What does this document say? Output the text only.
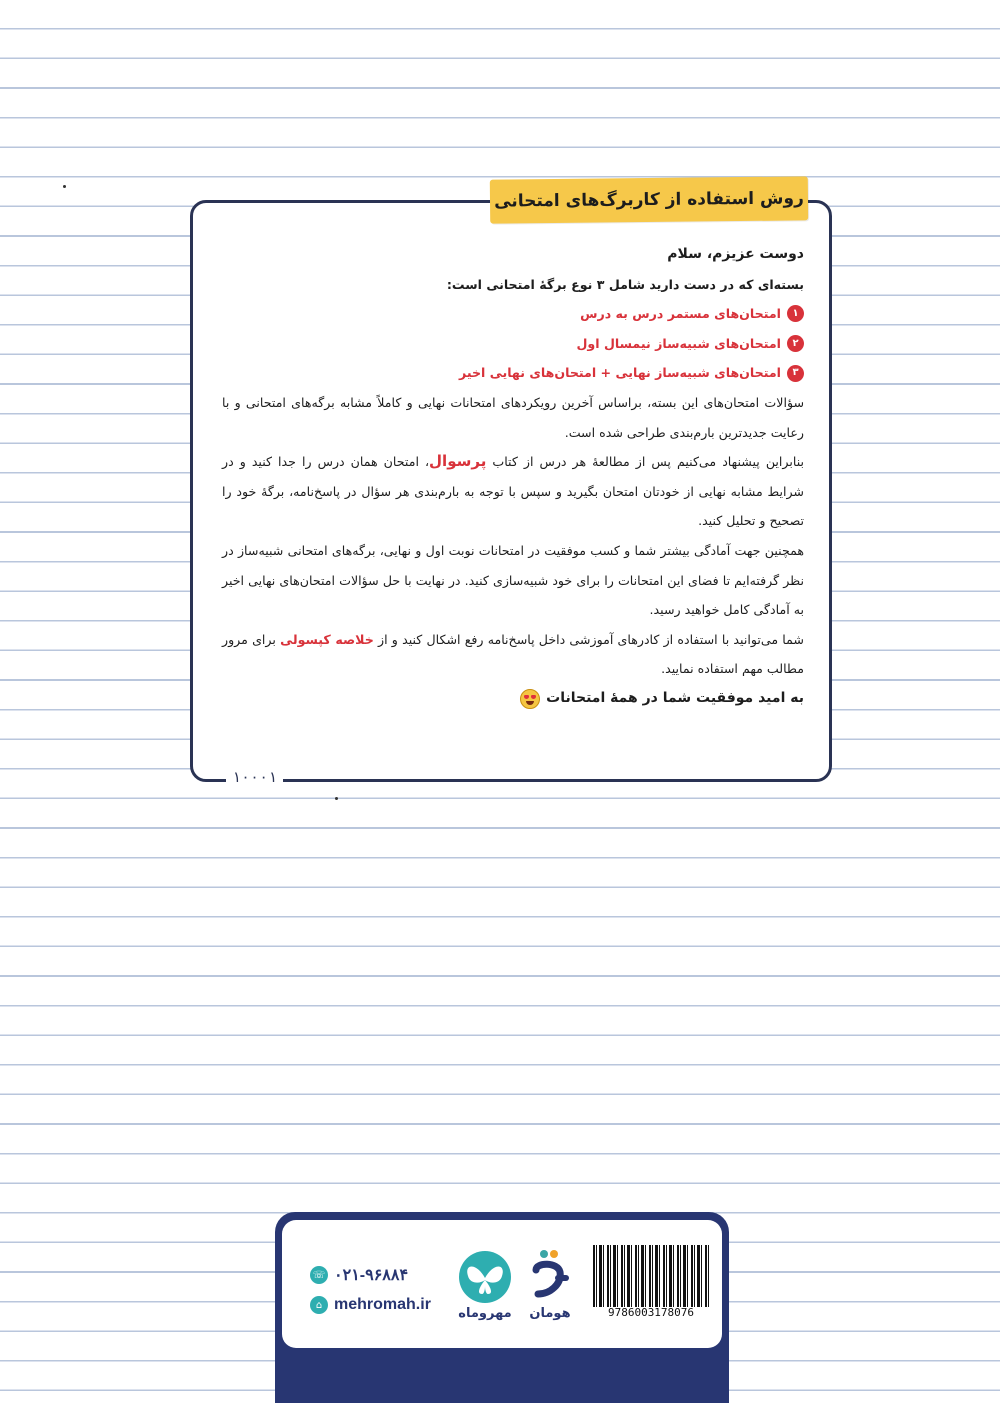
۱۰۰۰۱
روش استفاده از کاربرگ‌های امتحانی

دوست عزیزم، سلام

بسته‌ای که در دست دارید شامل ۳ نوع برگهٔ امتحانی است:

۱
امتحان‌های مستمر درس به درس
۲
امتحان‌های شبیه‌ساز نیمسال اول
۳
امتحان‌های شبیه‌ساز نهایی + امتحان‌های نهایی اخیر

سؤالات امتحان‌های این بسته، براساس آخرین رویکردهای امتحانات نهایی و کاملاً مشابه برگه‌های امتحانی و با رعایت جدیدترین بارم‌بندی طراحی شده است.

بنابراین پیشنهاد می‌کنیم پس از مطالعهٔ هر درس از کتاب پرسوال، امتحان همان درس را جدا کنید و در شرایط مشابه نهایی از خودتان امتحان بگیرید و سپس با توجه به بارم‌بندی هر سؤال در پاسخ‌نامه، برگهٔ خود را تصحیح و تحلیل کنید.

همچنین جهت آمادگی بیشتر شما و کسب موفقیت در امتحانات نوبت اول و نهایی، برگه‌های امتحانی شبیه‌ساز در نظر گرفته‌ایم تا فضای این امتحانات را برای خود شبیه‌سازی کنید. در نهایت با حل سؤالات امتحان‌های نهایی اخیر به آمادگی کامل خواهید رسید.

شما می‌توانید با استفاده از کادرهای آموزشی داخل پاسخ‌نامه رفع اشکال کنید و از خلاصه کپسولی برای مرور مطالب مهم استفاده نمایید.

به امید موفقیت شما در همهٔ امتحانات
9786003178076
هومان
مهروماه
☏ ۰۲۱-۹۶۸۸۴
⌂ mehromah.ir
